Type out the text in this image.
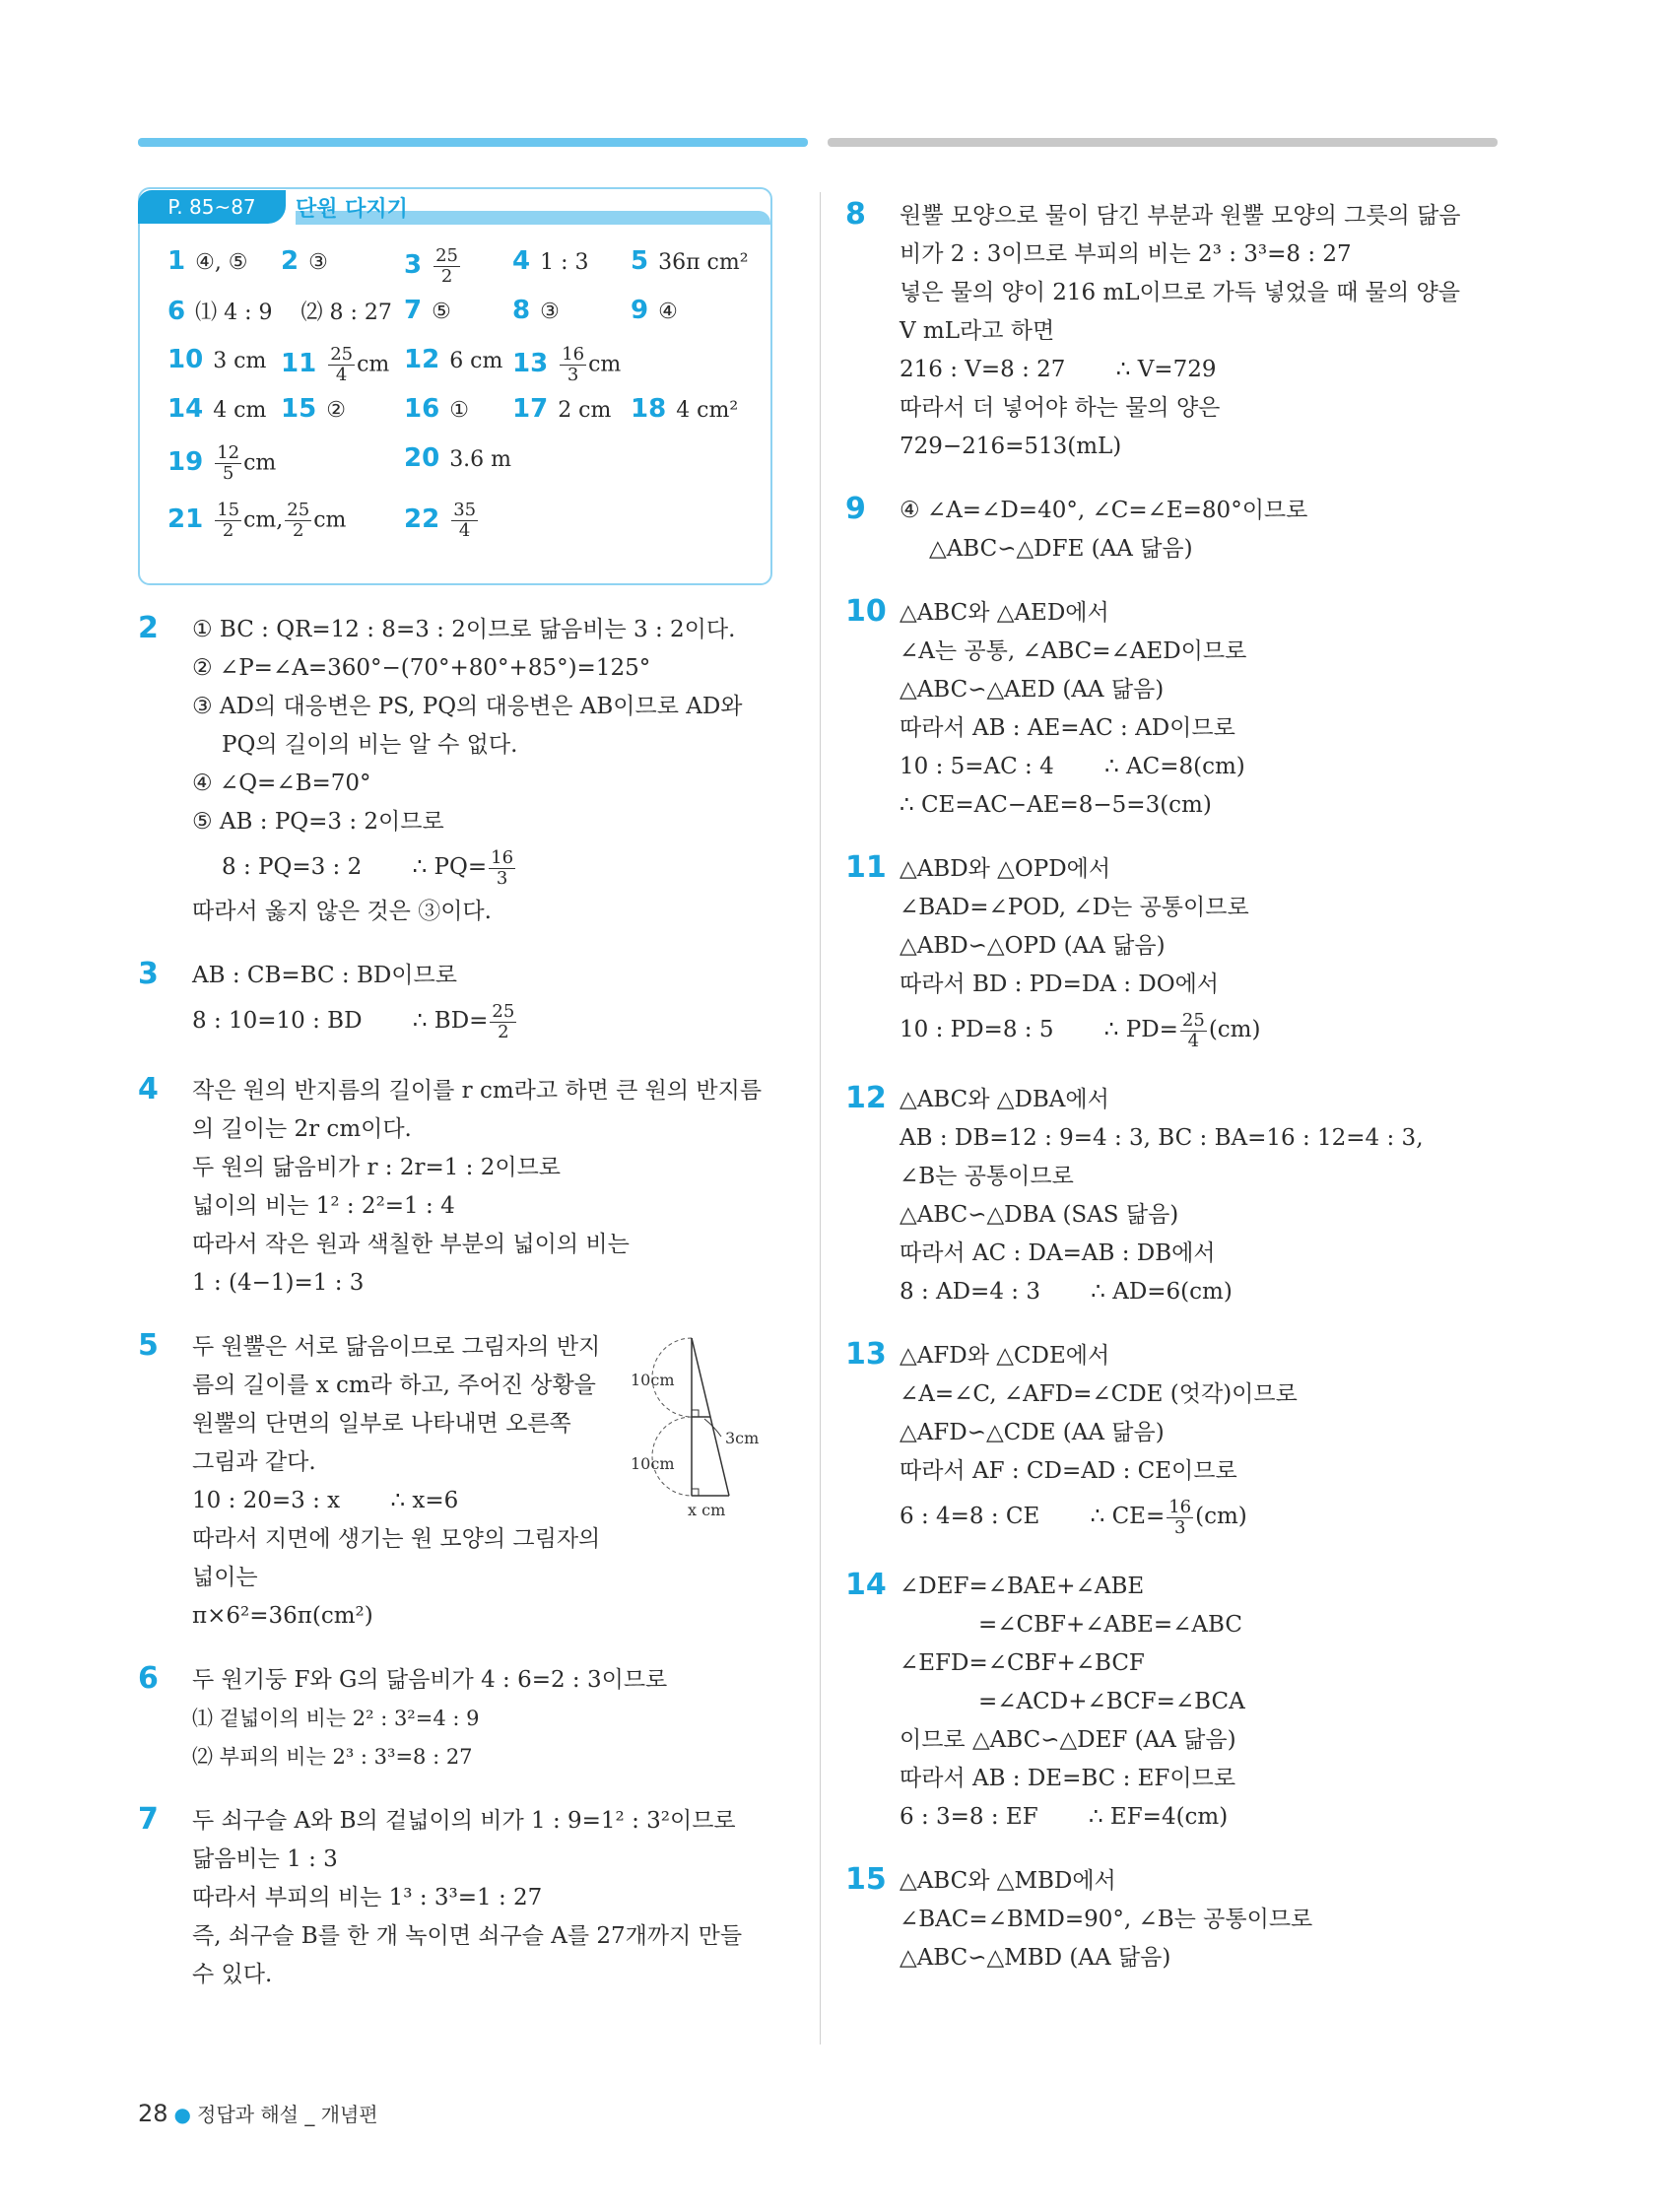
P. 85~87	단원 다지기
1 ④, ⑤ 2 ③	$3 \frac{25}{2} 4$ 1 : 3 5 36π cm²
6 ⑴ 4 : 9 　⑵ 8 : 27 7 ⑤ 8 ③	9 ④
10 3 cm $11 \frac{25}{4}$ cm 12 6 cm $13 \frac{16}{3}$ cm
14 4 cm 15 ② 16 ① 17 2 cm 18 4 cm²
$19 \frac{12}{5}$ cm	20 3.6 m
$21 \frac{15}{2}$ cm, $\frac{25}{2}$ cm $22 \frac{35}{4}$
2 ① BC : QR=12 : 8=3 : 2이므로 닮음비는 3 : 2이다.
② ∠P=∠A=360°−(70°+80°+85°)=125°
③ AD의 대응변은 PS, PQ의 대응변은 AB이므로 AD와
PQ의 길이의 비는 알 수 없다.
④ ∠Q=∠B=70°
⑤ AB : PQ=3 : 2이므로
8 : PQ=3 : 2 ∴ $PQ= \frac{16}{3}$
따라서 옳지 않은 것은 ③이다.
3 AB : CB=BC : BD이므로
8 : 10=10 : BD ∴ $BD= \frac{25}{2}$
4 작은 원의 반지름의 길이를 r cm라고 하면 큰 원의 반지름
의 길이는 2r cm이다.
두 원의 닮음비가 r : 2r=1 : 2이므로
넓이의 비는 1² : 2²=1 : 4
따라서 작은 원과 색칠한 부분의 넓이의 비는
1 : (4−1)=1 : 3
5 두 원뿔은 서로 닮음이므로 그림자의 반지
름의 길이를 x cm라 하고, 주어진 상황을
원뿔의 단면의 일부로 나타내면 오른쪽
그림과 같다.
10 : 20=3 : x ∴ x=6
따라서 지면에 생기는 원 모양의 그림자의
넓이는
π×6²=36π(cm²)
10cm
10cm
3cm
x cm
6 두 원기둥 F와 G의 닮음비가 4 : 6=2 : 3이므로
⑴ 겉넓이의 비는 2² : 3²=4 : 9
⑵ 부피의 비는 2³ : 3³=8 : 27
7 두 쇠구슬 A와 B의 겉넓이의 비가 1 : 9=1² : 3²이므로
닮음비는 1 : 3
따라서 부피의 비는 1³ : 3³=1 : 27
즉, 쇠구슬 B를 한 개 녹이면 쇠구슬 A를 27개까지 만들
수 있다.
8 원뿔 모양으로 물이 담긴 부분과 원뿔 모양의 그릇의 닮음
비가 2 : 3이므로 부피의 비는 2³ : 3³=8 : 27
넣은 물의 양이 216 mL이므로 가득 넣었을 때 물의 양을
V mL라고 하면
216 : V=8 : 27 ∴ V=729
따라서 더 넣어야 하는 물의 양은
729−216=513(mL)
9 ④ ∠A=∠D=40°, ∠C=∠E=80°이므로
△ABC∽△DFE (AA 닮음)
10 △ABC와 △AED에서
∠A는 공통, ∠ABC=∠AED이므로
△ABC∽△AED (AA 닮음)
따라서 AB : AE=AC : AD이므로
10 : 5=AC : 4 ∴ AC=8(cm)
∴ CE=AC−AE=8−5=3(cm)
11 △ABD와 △OPD에서
∠BAD=∠POD, ∠D는 공통이므로
△ABD∽△OPD (AA 닮음)
따라서 BD : PD=DA : DO에서
10 : PD=8 : 5 ∴ $PD= \frac{25}{4} (cm)$
12 △ABC와 △DBA에서
AB : DB=12 : 9=4 : 3, BC : BA=16 : 12=4 : 3,
∠B는 공통이므로
△ABC∽△DBA (SAS 닮음)
따라서 AC : DA=AB : DB에서
8 : AD=4 : 3 ∴ AD=6(cm)
13 △AFD와 △CDE에서
∠A=∠C, ∠AFD=∠CDE (엇각)이므로
△AFD∽△CDE (AA 닮음)
따라서 AF : CD=AD : CE이므로
6 : 4=8 : CE ∴ $CE= \frac{16}{3} (cm)$
14 ∠DEF=∠BAE+∠ABE
=∠CBF+∠ABE=∠ABC
∠EFD=∠CBF+∠BCF
=∠ACD+∠BCF=∠BCA
이므로 △ABC∽△DEF (AA 닮음)
따라서 AB : DE=BC : EF이므로
6 : 3=8 : EF ∴ EF=4(cm)
15 △ABC와 △MBD에서
∠BAC=∠BMD=90°, ∠B는 공통이므로
△ABC∽△MBD (AA 닮음)
28 ● 정답과 해설 _ 개념편
